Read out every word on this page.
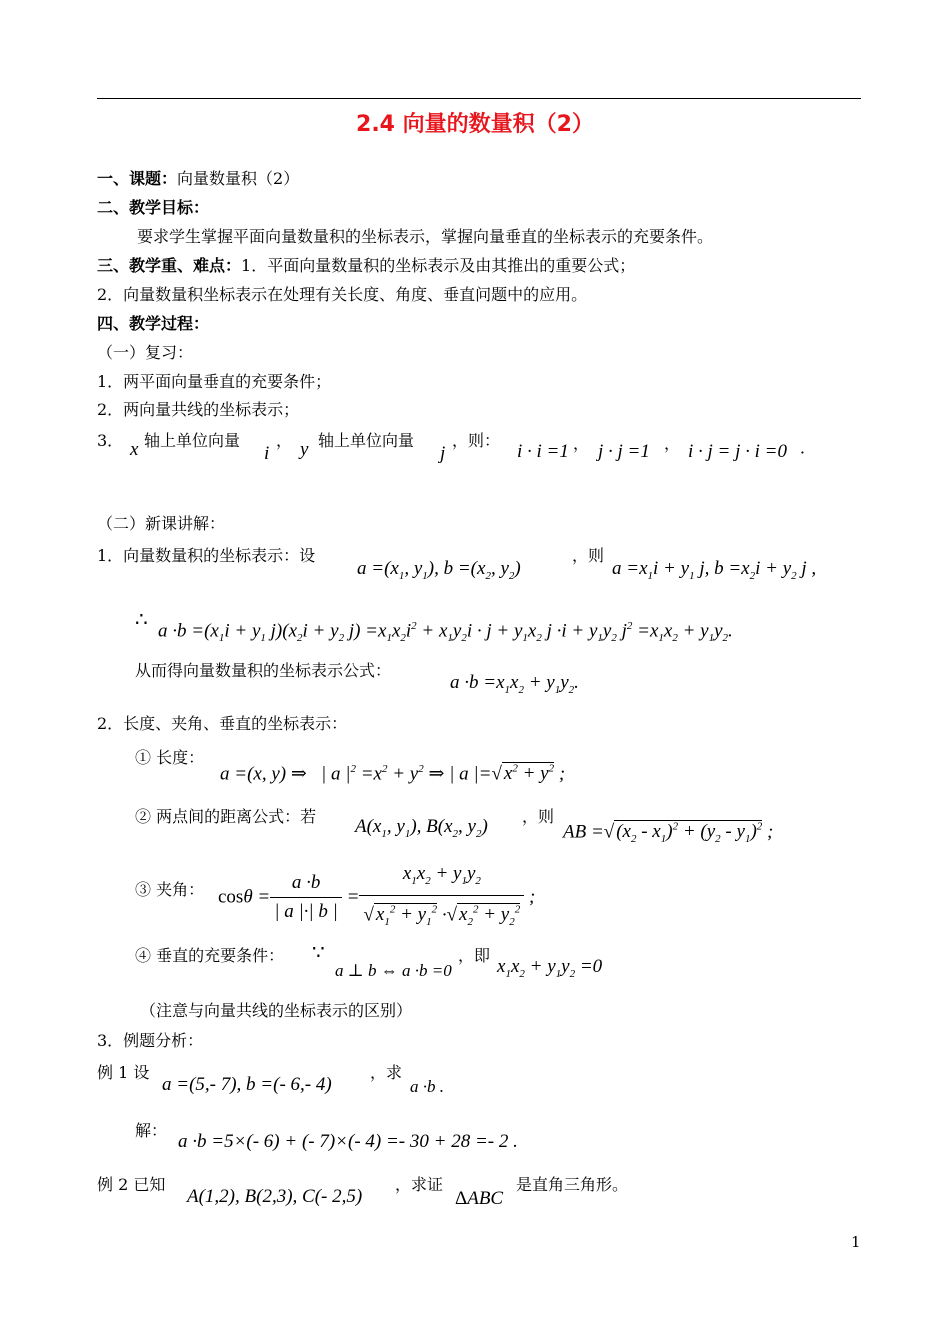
2.4 向量的数量积（2）
一、课题：向量数量积（2）
二、教学目标：
要求学生掌握平面向量数量积的坐标表示，掌握向量垂直的坐标表示的充要条件。
三、教学重、难点：1．平面向量数量积的坐标表示及由其推出的重要公式；
2．向量数量积坐标表示在处理有关长度、角度、垂直问题中的应用。
四、教学过程：
（一）复习：
1．两平面向量垂直的充要条件；
2．两向量共线的坐标表示；
3． x 轴上单位向量
i
， y 轴上单位向量
j
，则：
i · i =1 ， j · j =1 ， i · j = j · i =0 ．
（二）新课讲解：
1．向量数量积的坐标表示：设
$a =(x_1$, $y_1$), $b =(x_2$, $y_2$)
，则
$a =x_1i + y_1$ j, $b =x_2i + y_2$ j ,
∴ $a \cdot b =(x_1i + y_1$ $j)(x_2i + y_2$ $j) =x_1x_2i^2 + x_1y_2i \cdot j + y_1x_2$ $j \cdot i + y_1y_2$ $j^2 =x_1x_2 + y_1y_2$.
从而得向量数量积的坐标表示公式：
$a \cdot b =x_1x_2 + y_1y_2$.
2．长度、夹角、垂直的坐标表示：
① 长度：
a =(x, y) ⇒   | a $|^2 =x^2 + y^2$ ⇒ | a |=√ $x^2 + y^2$ ;
② 两点间的距离公式：若 $A(x_1$, $y_1$), $B(x_2$, $y_2$) ，则
AB =√ $(x_2 - x_1)^2 + (y_2 - y_1)^2$ ;
③ 夹角： $\cos\theta = \frac{a \cdot b}{| a |\cdot| b |} = \frac{x_1x_2 + y_1y_2}{√ x_1^2 + y_1^2 \cdot√ x_2^2 + y_2^2}$ ;
④ 垂直的充要条件： ∵
a ⊥ b ⇔ a ·b =0
，即
$x_1x_2 + y_1y_2 =0$
（注意与向量共线的坐标表示的区别）
3．例题分析：
例 1 设
a =(5,- 7), b =(- 6,- 4)
，求
a ·b .
解：
a ·b =5×(- 6) + (- 7)×(- 4) =- 30 + 28 =- 2 .
例 2 已知
A(1,2), B(2,3), C(- 2,5)
，求证
ΔABC
是直角三角形。
1
